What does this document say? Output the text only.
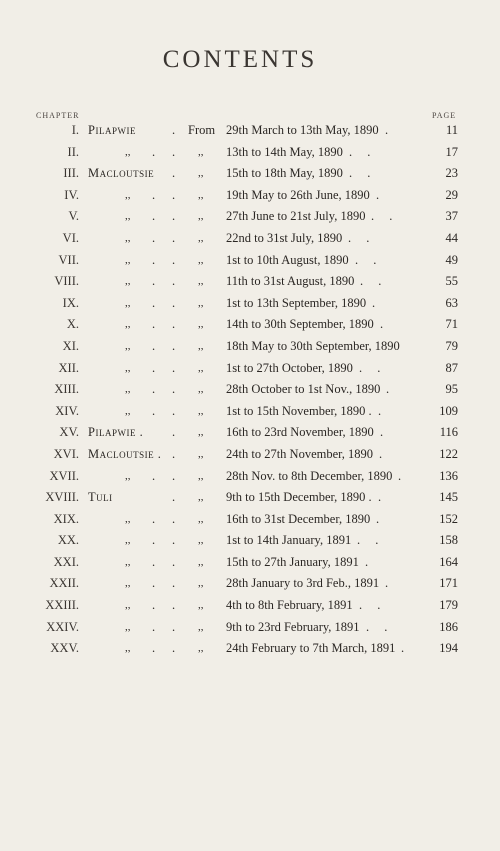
CONTENTS
CHAPTER	PAGE
I. Pilapwie	. From 29th March to 13th May, 1890 .	11
II.	,, . . ,, 13th to 14th May, 1890 . .	17
III. Macloutsie . ,, 15th to 18th May, 1890 . .	23
IV.	,, . . ,, 19th May to 26th June, 1890 .	29
V.	,, . . ,, 27th June to 21st July, 1890 . .	37
VI.	,, . . ,, 22nd to 31st July, 1890 . .	44
VII.	,, . . ,, 1st to 10th August, 1890 . .	49
VIII.	,, . . ,, 11th to 31st August, 1890 . .	55
IX.	,, . . ,, 1st to 13th September, 1890 .	63
X.	,, . . ,, 14th to 30th September, 1890 .	71
XI.	,, . . ,, 18th May to 30th September, 1890	79
XII.	,, . . ,, 1st to 27th October, 1890 . .	87
XIII.	,, . . ,, 28th October to 1st Nov., 1890 .	95
XIV.	,, . . ,, 1st to 15th November, 1890 . .	109
XV. Pilapwie . . ,, 16th to 23rd November, 1890 .	116
XVI. Macloutsie . . ,, 24th to 27th November, 1890 .	122
XVII.	,, . . ,, 28th Nov. to 8th December, 1890 .	136
XVIII. Tuli	. ,, 9th to 15th December, 1890 . .	145
XIX.	,, . . ,, 16th to 31st December, 1890 .	152
XX.	,, . . ,, 1st to 14th January, 1891 . .	158
XXI.	,, . . ,, 15th to 27th January, 1891 .	164
XXII.	,, . . ,, 28th January to 3rd Feb., 1891 .	171
XXIII.	,, . . ,, 4th to 8th February, 1891 . .	179
XXIV.	,, . . ,, 9th to 23rd February, 1891 . .	186
XXV.	,, . . ,, 24th February to 7th March, 1891 . 194
